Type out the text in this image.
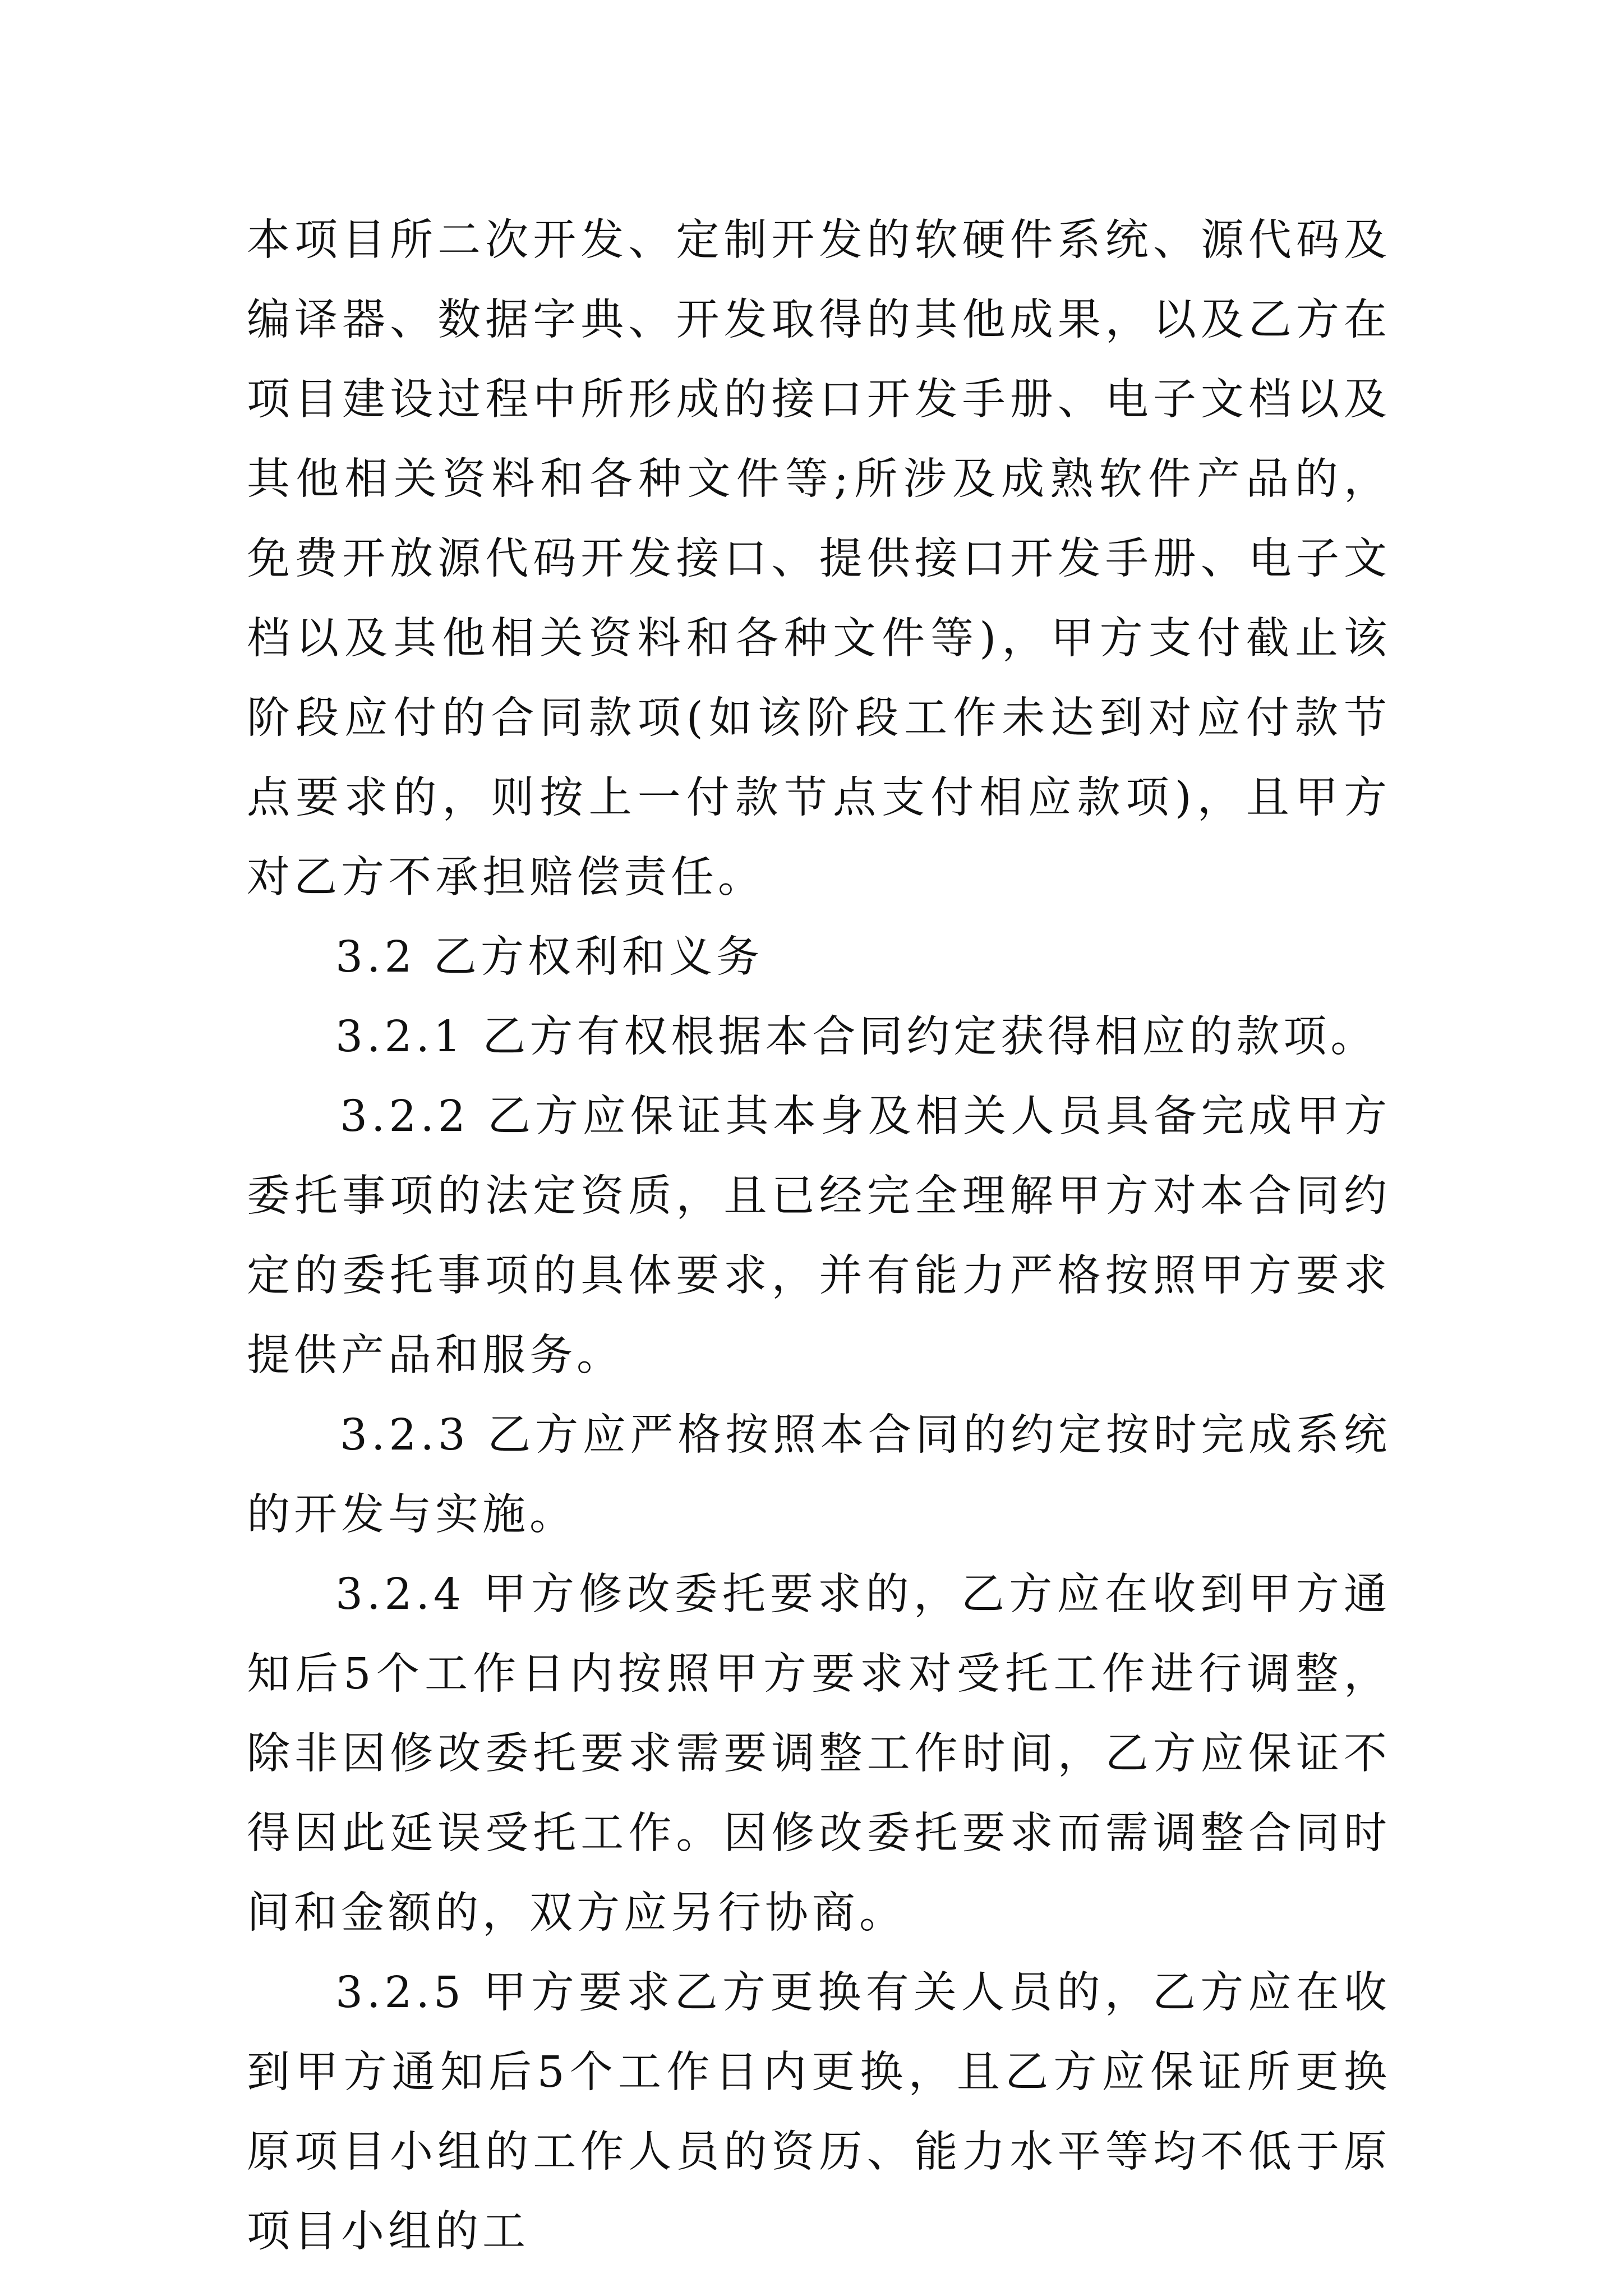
本项目所二次开发、定制开发的软硬件系统、源代码及编译器、数据字典、开发取得的其他成果，以及乙方在项目建设过程中所形成的接口开发手册、电子文档以及其他相关资料和各种文件等;所涉及成熟软件产品的，免费开放源代码开发接口、提供接口开发手册、电子文档以及其他相关资料和各种文件等)，甲方支付截止该阶段应付的合同款项(如该阶段工作未达到对应付款节点要求的，则按上一付款节点支付相应款项)，且甲方对乙方不承担赔偿责任。

3.2 乙方权利和义务

3.2.1 乙方有权根据本合同约定获得相应的款项。

3.2.2 乙方应保证其本身及相关人员具备完成甲方委托事项的法定资质，且已经完全理解甲方对本合同约定的委托事项的具体要求，并有能力严格按照甲方要求提供产品和服务。

3.2.3 乙方应严格按照本合同的约定按时完成系统的开发与实施。

3.2.4 甲方修改委托要求的，乙方应在收到甲方通知后5个工作日内按照甲方要求对受托工作进行调整，除非因修改委托要求需要调整工作时间，乙方应保证不得因此延误受托工作。因修改委托要求而需调整合同时间和金额的，双方应另行协商。

3.2.5 甲方要求乙方更换有关人员的，乙方应在收到甲方通知后5个工作日内更换，且乙方应保证所更换原项目小组的工作人员的资历、能力水平等均不低于原项目小组的工
